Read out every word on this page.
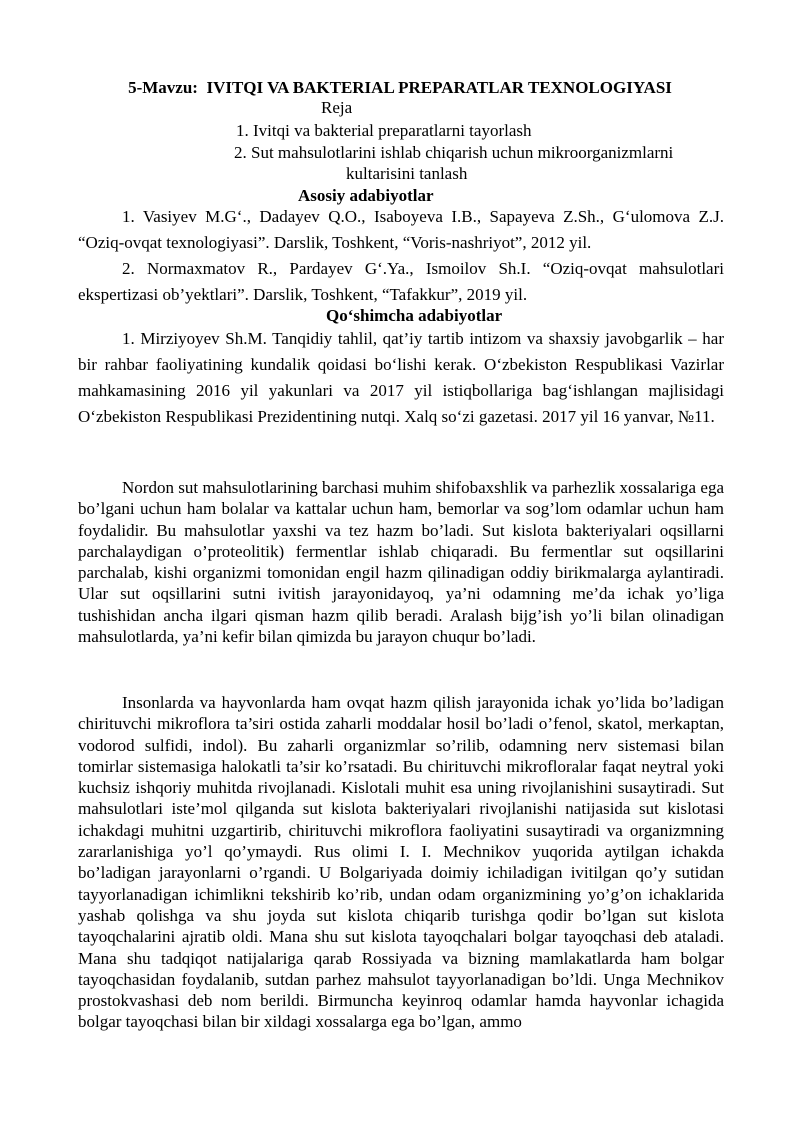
5-Mavzu:  IVITQI VA BAKTERIAL PREPARATLAR TEXNOLOGIYASI
Reja
1. Ivitqi va bakterial preparatlarni tayorlash
2. Sut mahsulotlarini ishlab chiqarish uchun mikroorganizmlarni
kultarisini tanlash
Asosiy adabiyotlar
1. Vasiyev M.G‘., Dadayev Q.O., Isaboyeva I.B., Sapayeva Z.Sh., G‘ulomova Z.J. “Oziq-ovqat texnologiyasi”. Darslik, Toshkent, “Voris-nashriyot”, 2012 yil.
2. Normaxmatov R., Pardayev G‘.Ya., Ismoilov Sh.I. “Oziq-ovqat mahsulotlari ekspertizasi ob’yektlari”. Darslik, Toshkent, “Tafakkur”, 2019 yil.
Qo‘shimcha adabiyotlar
1. Mirziyoyev Sh.M. Tanqidiy tahlil, qat’iy tartib intizom va shaxsiy javobgarlik – har bir rahbar faoliyatining kundalik qoidasi bo‘lishi kerak. O‘zbekiston Respublikasi Vazirlar mahkamasining 2016 yil yakunlari va 2017 yil istiqbollariga bag‘ishlangan majlisidagi O‘zbekiston Respublikasi Prezidentining nutqi. Xalq so‘zi gazetasi. 2017 yil 16 yanvar, №11.
Nordon sut mahsulotlarining barchasi muhim shifobaxshlik va parhezlik xossalariga ega bo’lgani uchun ham bolalar va kattalar uchun ham, bemorlar va sog’lom odamlar uchun ham foydalidir. Bu mahsulotlar yaxshi va tez hazm bo’ladi. Sut kislota bakteriyalari oqsillarni parchalaydigan o’proteolitik) fermentlar ishlab chiqaradi. Bu fermentlar sut oqsillarini parchalab, kishi organizmi tomonidan engil hazm qilinadigan oddiy birikmalarga aylantiradi. Ular sut oqsillarini sutni ivitish jarayonidayoq, ya’ni odamning me’da ichak yo’liga tushishidan ancha ilgari qisman hazm qilib beradi. Aralash bijg’ish yo’li bilan olinadigan mahsulotlarda, ya’ni kefir bilan qimizda bu jarayon chuqur bo’ladi.
Insonlarda va hayvonlarda ham ovqat hazm qilish jarayonida ichak yo’lida bo’ladigan chirituvchi mikroflora ta’siri ostida zaharli moddalar hosil bo’ladi o’fenol, skatol, merkaptan, vodorod sulfidi, indol). Bu zaharli organizmlar so’rilib, odamning nerv sistemasi bilan tomirlar sistemasiga halokatli ta’sir ko’rsatadi. Bu chirituvchi mikrofloralar faqat neytral yoki kuchsiz ishqoriy muhitda rivojlanadi. Kislotali muhit esa uning rivojlanishini susaytiradi. Sut mahsulotlari iste’mol qilganda sut kislota bakteriyalari rivojlanishi natijasida sut kislotasi ichakdagi muhitni uzgartirib, chirituvchi mikroflora faoliyatini susaytiradi va organizmning zararlanishiga yo’l qo’ymaydi. Rus olimi I. I. Mechnikov yuqorida aytilgan ichakda bo’ladigan jarayonlarni o’rgandi. U Bolgariyada doimiy ichiladigan ivitilgan qo’y sutidan tayyorlanadigan ichimlikni tekshirib ko’rib, undan odam organizmining yo’g’on ichaklarida yashab qolishga va shu joyda sut kislota chiqarib turishga qodir bo’lgan sut kislota tayoqchalarini ajratib oldi. Mana shu sut kislota tayoqchalari bolgar tayoqchasi deb ataladi. Mana shu tadqiqot natijalariga qarab Rossiyada va bizning mamlakatlarda ham bolgar tayoqchasidan foydalanib, sutdan parhez mahsulot tayyorlanadigan bo’ldi. Unga Mechnikov prostokvashasi deb nom berildi. Birmuncha keyinroq odamlar hamda hayvonlar ichagida bolgar tayoqchasi bilan bir xildagi xossalarga ega bo’lgan, ammo
